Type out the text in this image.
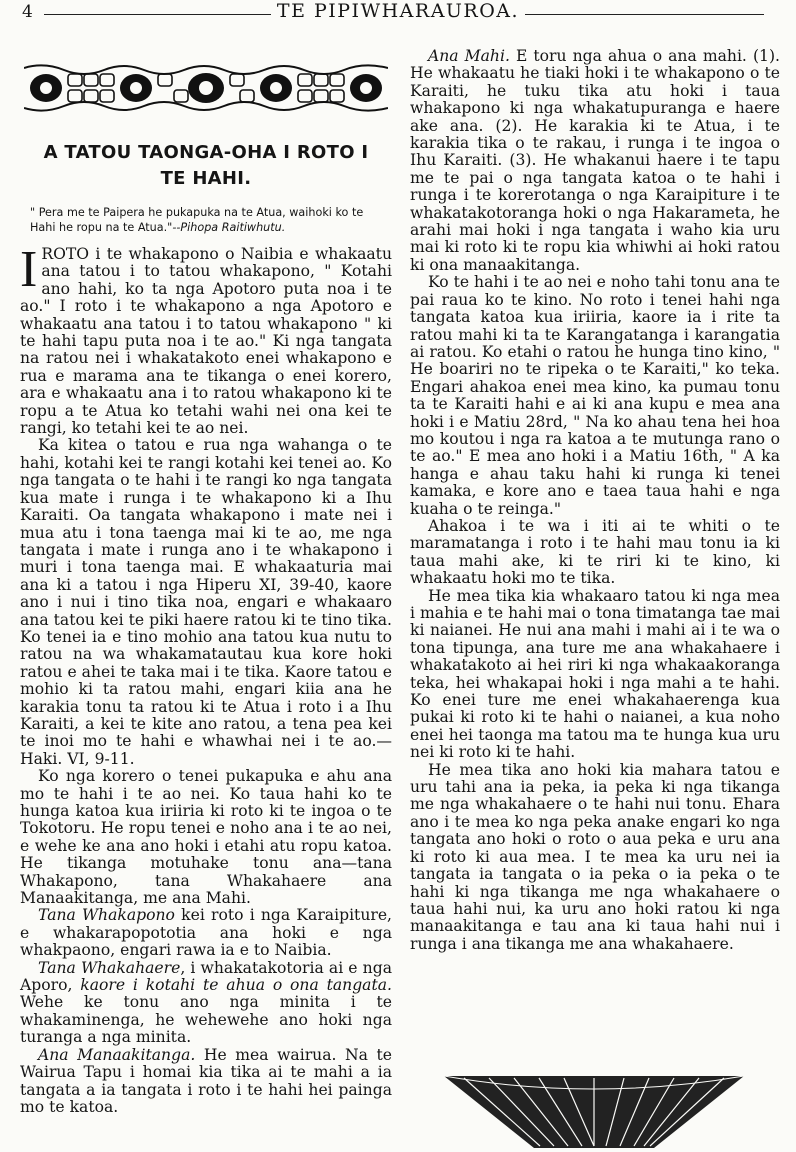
4	TE PIPIWHARAUROA.
A TATOU TAONGA-OHA I ROTO I
TE HAHI.
" Pera me te Paipera he pukapuka na te Atua, waihoki ko te Hahi he ropu na te Atua."--Pihopa Raitiwhutu.

IROTO i te whakapono o Naibia e whakaatu ana tatou i to tatou whakapono, " Kotahi ano hahi, ko ta nga Apotoro puta noa i te ao." I roto i te whakapono a nga Apotoro e whakaatu ana tatou i to tatou whakapono " ki te hahi tapu puta noa i te ao." Ki nga tangata na ratou nei i whakatakoto enei whakapono e rua e marama ana te tikanga o enei korero, ara e whakaatu ana i to ratou whakapono ki te ropu a te Atua ko tetahi wahi nei ona kei te rangi, ko tetahi kei te ao nei.

Ka kitea o tatou e rua nga wahanga o te hahi, kotahi kei te rangi kotahi kei tenei ao. Ko nga tangata o te hahi i te rangi ko nga tangata kua mate i runga i te whakapono ki a Ihu Karaiti. Oa tangata whakapono i mate nei i mua atu i tona taenga mai ki te ao, me nga tangata i mate i runga ano i te whakapono i muri i tona taenga mai. E whakaaturia mai ana ki a tatou i nga Hiperu XI, 39-40, kaore ano i nui i tino tika noa, engari e whakaaro ana tatou kei te piki haere ratou ki te tino tika. Ko tenei ia e tino mohio ana tatou kua nutu to ratou na wa whakamatautau kua kore hoki ratou e ahei te taka mai i te tika. Kaore tatou e mohio ki ta ratou mahi, engari kiia ana he karakia tonu ta ratou ki te Atua i roto i a Ihu Karaiti, a kei te kite ano ratou, a tena pea kei te inoi mo te hahi e whawhai nei i te ao.—Haki. VI, 9-11.

Ko nga korero o tenei pukapuka e ahu ana mo te hahi i te ao nei. Ko taua hahi ko te hunga katoa kua iriiria ki roto ki te ingoa o te Tokotoru. He ropu tenei e noho ana i te ao nei, e wehe ke ana ano hoki i etahi atu ropu katoa. He tikanga motuhake tonu ana—tana Whakapono, tana Whakahaere ana Manaakitanga, me ana Mahi.

Tana Whakapono kei roto i nga Karaipiture, e whakarapopototia ana hoki e nga whakpaono, engari rawa ia e to Naibia.

Tana Whakahaere, i whakatakotoria ai e nga Aporo, kaore i kotahi te ahua o ona tangata. Wehe ke tonu ano nga minita i te whakaminenga, he wehewehe ano hoki nga turanga a nga minita.

Ana Manaakitanga. He mea wairua. Na te Wairua Tapu i homai kia tika ai te mahi a ia tangata a ia tangata i roto i te hahi hei painga mo te katoa.

Ana Mahi. E toru nga ahua o ana mahi. (1). He whakaatu he tiaki hoki i te whakapono o te Karaiti, he tuku tika atu hoki i taua whakapono ki nga whakatupuranga e haere ake ana. (2). He karakia ki te Atua, i te karakia tika o te rakau, i runga i te ingoa o Ihu Karaiti. (3). He whakanui haere i te tapu me te pai o nga tangata katoa o te hahi i runga i te korerotanga o nga Karaipiture i te whakatakotoranga hoki o nga Hakarameta, he arahi mai hoki i nga tangata i waho kia uru mai ki roto ki te ropu kia whiwhi ai hoki ratou ki ona manaakitanga.

Ko te hahi i te ao nei e noho tahi tonu ana te pai raua ko te kino. No roto i tenei hahi nga tangata katoa kua iriiria, kaore ia i rite ta ratou mahi ki ta te Karangatanga i karangatia ai ratou. Ko etahi o ratou he hunga tino kino, " He boariri no te ripeka o te Karaiti," ko teka. Engari ahakoa enei mea kino, ka pumau tonu ta te Karaiti hahi e ai ki ana kupu e mea ana hoki i e Matiu 28rd, " Na ko ahau tena hei hoa mo koutou i nga ra katoa a te mutunga rano o te ao." E mea ano hoki i a Matiu 16th, " A ka hanga e ahau taku hahi ki runga ki tenei kamaka, e kore ano e taea taua hahi e nga kuaha o te reinga."

Ahakoa i te wa i iti ai te whiti o te maramatanga i roto i te hahi mau tonu ia ki taua mahi ake, ki te riri ki te kino, ki whakaatu hoki mo te tika.

He mea tika kia whakaaro tatou ki nga mea i mahia e te hahi mai o tona timatanga tae mai ki naianei. He nui ana mahi i mahi ai i te wa o tona tipunga, ana ture me ana whakahaere i whakatakoto ai hei riri ki nga whakaakoranga teka, hei whakapai hoki i nga mahi a te hahi. Ko enei ture me enei whakahaerenga kua pukai ki roto ki te hahi o naianei, a kua noho enei hei taonga ma tatou ma te hunga kua uru nei ki roto ki te hahi.

He mea tika ano hoki kia mahara tatou e uru tahi ana ia peka, ia peka ki nga tikanga me nga whakahaere o te hahi nui tonu. Ehara ano i te mea ko nga peka anake engari ko nga tangata ano hoki o roto o aua peka e uru ana ki roto ki aua mea. I te mea ka uru nei ia tangata ia tangata o ia peka o ia peka o te hahi ki nga tikanga me nga whakahaere o taua hahi nui, ka uru ano hoki ratou ki nga manaakitanga e tau ana ki taua hahi nui i runga i ana tikanga me ana whakahaere.
